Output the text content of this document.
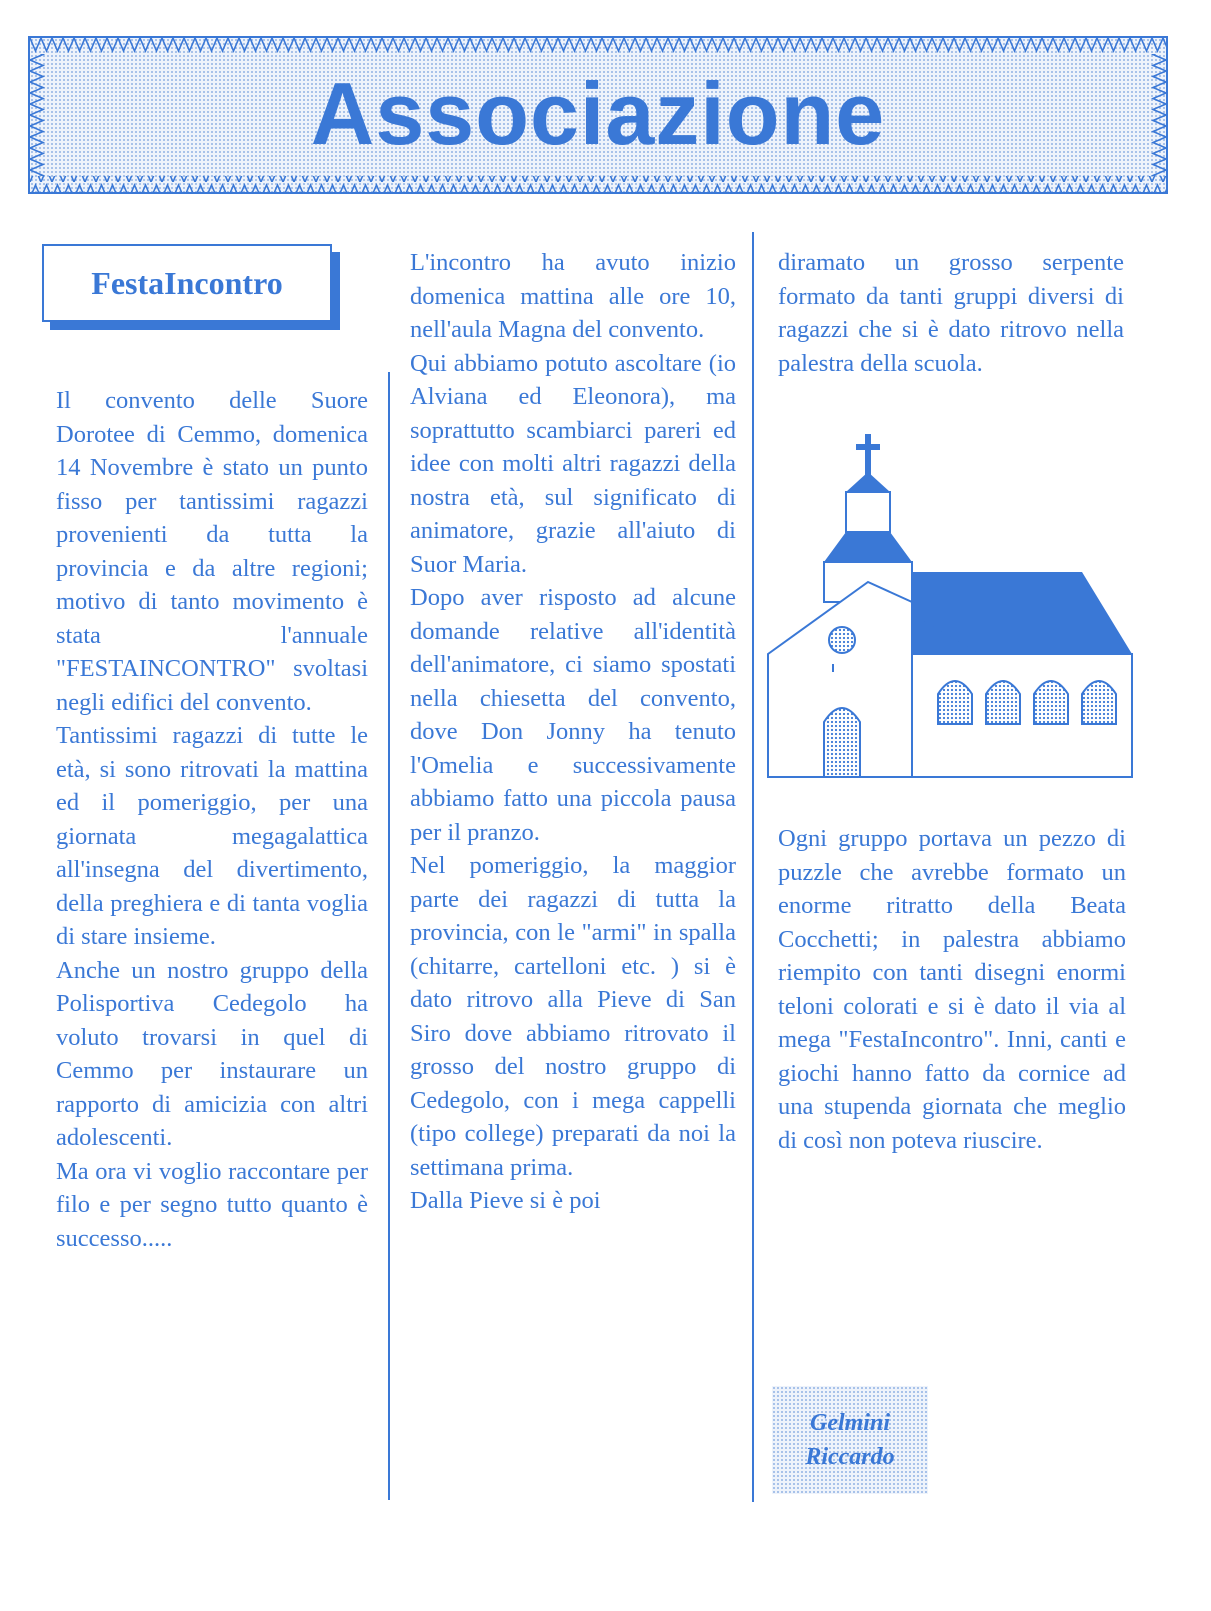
Associazione
FestaIncontro

Il convento delle Suore Dorotee di Cemmo, domenica 14 Novembre è stato un punto fisso per tantissimi ragazzi provenienti da tutta la provincia e da altre regioni; motivo di tanto movimento è stata l'annuale "FESTAINCONTRO" svoltasi negli edifici del convento.

Tantissimi ragazzi di tutte le età, si sono ritrovati la mattina ed il pomeriggio, per una giornata megagalattica all'insegna del divertimento, della preghiera e di tanta voglia di stare insieme.

Anche un nostro gruppo della Polisportiva Cedegolo ha voluto trovarsi in quel di Cemmo per instaurare un rapporto di amicizia con altri adolescenti.

Ma ora vi voglio raccontare per filo e per segno tutto quanto è successo.....

L'incontro ha avuto inizio domenica mattina alle ore 10, nell'aula Magna del convento.

Qui abbiamo potuto ascoltare (io Alviana ed Eleonora), ma soprattutto scambiarci pareri ed idee con molti altri ragazzi della nostra età, sul significato di animatore, grazie all'aiuto di Suor Maria.

Dopo aver risposto ad alcune domande relative all'identità dell'animatore, ci siamo spostati nella chiesetta del convento, dove Don Jonny ha tenuto l'Omelia e successivamente abbiamo fatto una piccola pausa per il pranzo.

Nel pomeriggio, la maggior parte dei ragazzi di tutta la provincia, con le "armi" in spalla (chitarre, cartelloni etc. ) si è dato ritrovo alla Pieve di San Siro dove abbiamo ritrovato il grosso del nostro gruppo di Cedegolo, con i mega cappelli (tipo college) preparati da noi la settimana prima.

Dalla Pieve si è poi

diramato un grosso serpente formato da tanti gruppi diversi di ragazzi che si è dato ritrovo nella palestra della scuola.

Ogni gruppo portava un pezzo di puzzle che avrebbe formato un enorme ritratto della Beata Cocchetti; in palestra abbiamo riempito con tanti disegni enormi teloni colorati e si è dato il via al mega "FestaIncontro". Inni, canti e giochi hanno fatto da cornice ad una stupenda giornata che meglio di così non poteva riuscire.

Gelmini
Riccardo
